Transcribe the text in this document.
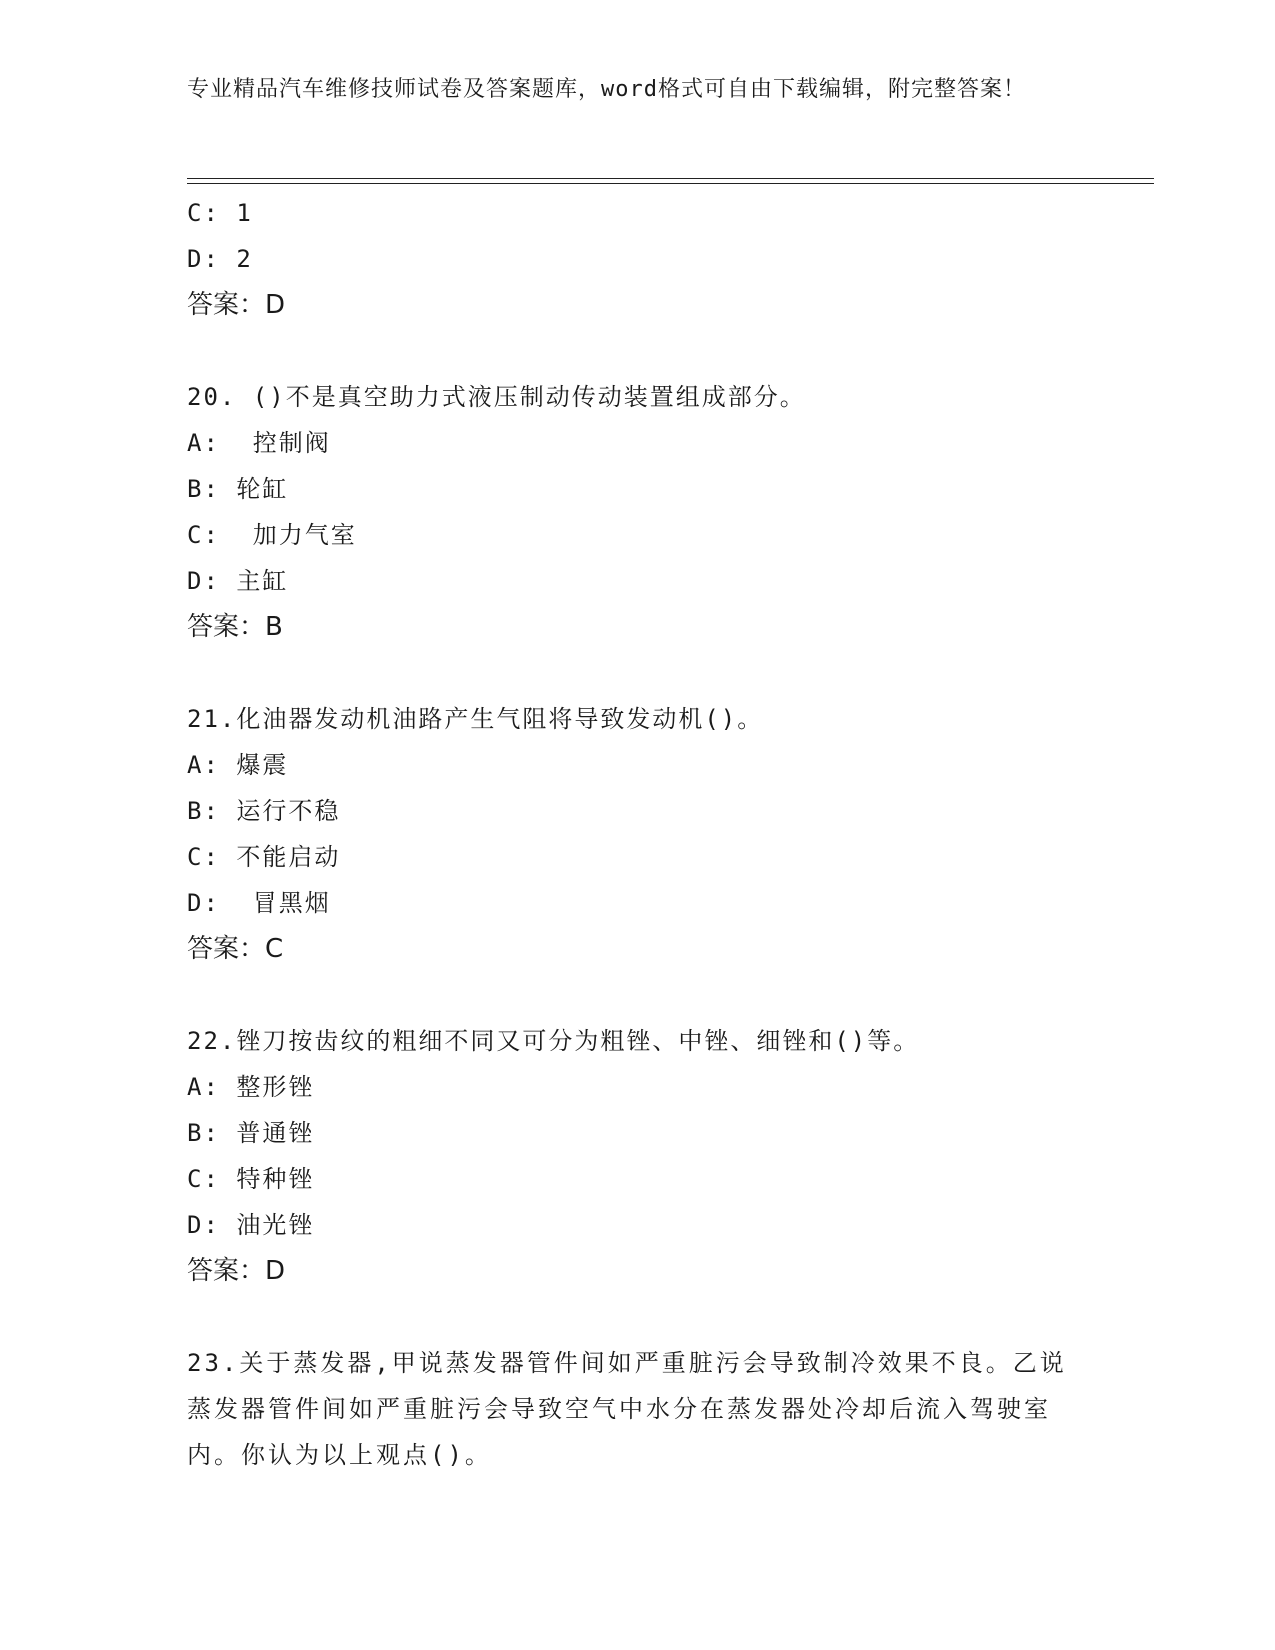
专业精品汽车维修技师试卷及答案题库，word格式可自由下载编辑，附完整答案！
C: 1
D: 2
答案：D
20. ()不是真空助力式液压制动传动装置组成部分。
A:  控制阀
B: 轮缸
C:  加力气室
D: 主缸
答案：B
21.化油器发动机油路产生气阻将导致发动机()。
A: 爆震
B: 运行不稳
C: 不能启动
D:  冒黑烟
答案：C
22.锉刀按齿纹的粗细不同又可分为粗锉、中锉、细锉和()等。
A: 整形锉
B: 普通锉
C: 特种锉
D: 油光锉
答案：D
23.关于蒸发器,甲说蒸发器管件间如严重脏污会导致制冷效果不良。乙说蒸发器管件间如严重脏污会导致空气中水分在蒸发器处冷却后流入驾驶室内。你认为以上观点()。
